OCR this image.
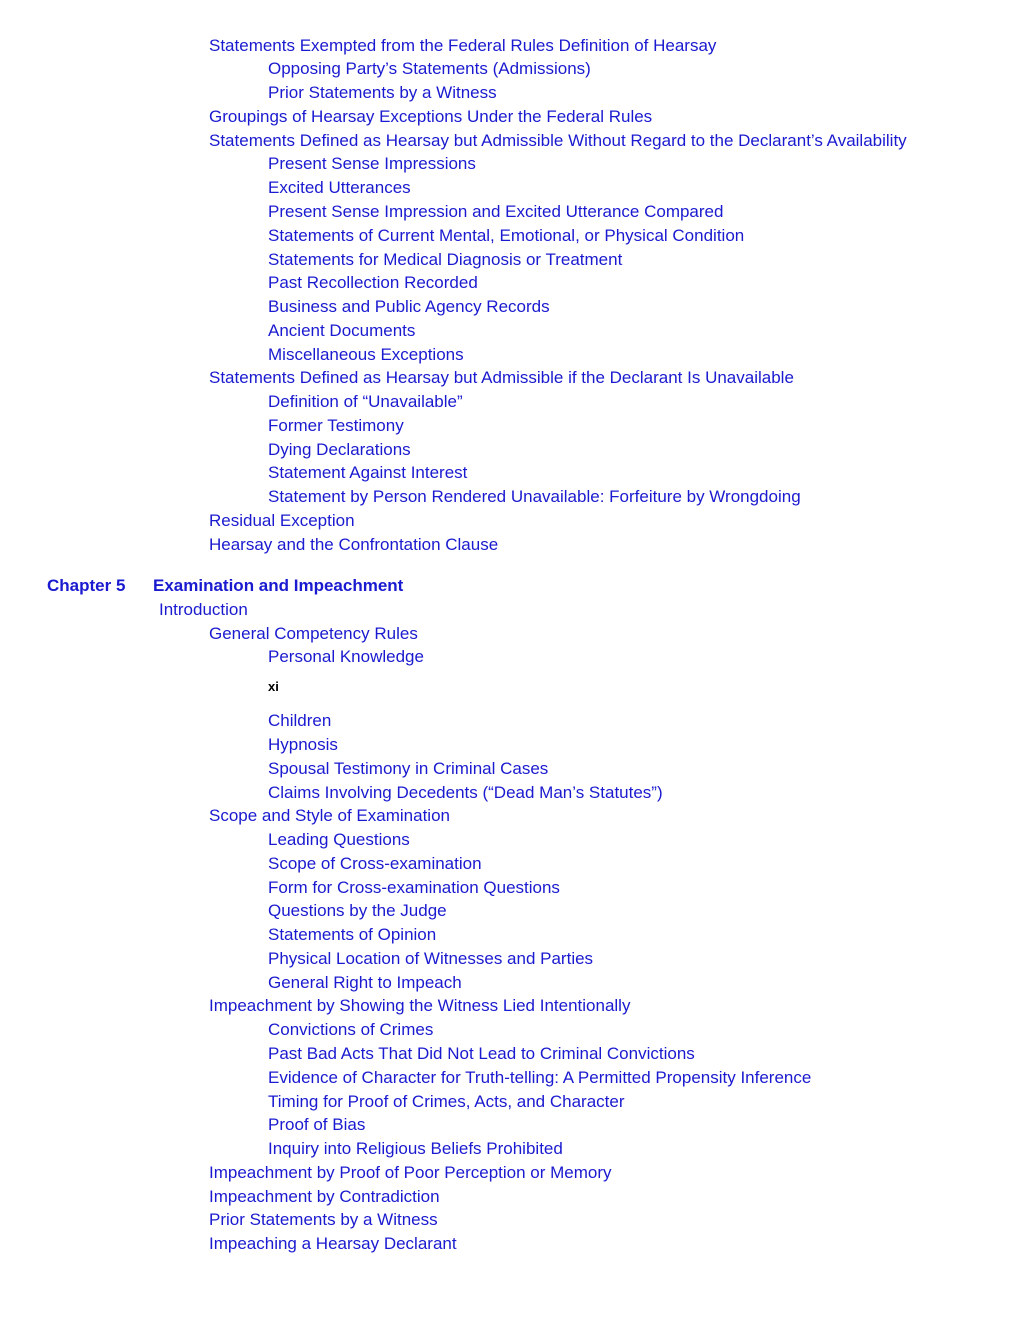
Statements Exempted from the Federal Rules Definition of Hearsay
Opposing Party’s Statements (Admissions)
Prior Statements by a Witness
Groupings of Hearsay Exceptions Under the Federal Rules
Statements Defined as Hearsay but Admissible Without Regard to the Declarant’s Availability
Present Sense Impressions
Excited Utterances
Present Sense Impression and Excited Utterance Compared
Statements of Current Mental, Emotional, or Physical Condition
Statements for Medical Diagnosis or Treatment
Past Recollection Recorded
Business and Public Agency Records
Ancient Documents
Miscellaneous Exceptions
Statements Defined as Hearsay but Admissible if the Declarant Is Unavailable
Definition of “Unavailable”
Former Testimony
Dying Declarations
Statement Against Interest
Statement by Person Rendered Unavailable: Forfeiture by Wrongdoing
Residual Exception
Hearsay and the Confrontation Clause
Chapter 5 Examination and Impeachment
Introduction
General Competency Rules
Personal Knowledge
xi
Children
Hypnosis
Spousal Testimony in Criminal Cases
Claims Involving Decedents (“Dead Man’s Statutes”)
Scope and Style of Examination
Leading Questions
Scope of Cross-examination
Form for Cross-examination Questions
Questions by the Judge
Statements of Opinion
Physical Location of Witnesses and Parties
General Right to Impeach
Impeachment by Showing the Witness Lied Intentionally
Convictions of Crimes
Past Bad Acts That Did Not Lead to Criminal Convictions
Evidence of Character for Truth-telling: A Permitted Propensity Inference
Timing for Proof of Crimes, Acts, and Character
Proof of Bias
Inquiry into Religious Beliefs Prohibited
Impeachment by Proof of Poor Perception or Memory
Impeachment by Contradiction
Prior Statements by a Witness
Impeaching a Hearsay Declarant
